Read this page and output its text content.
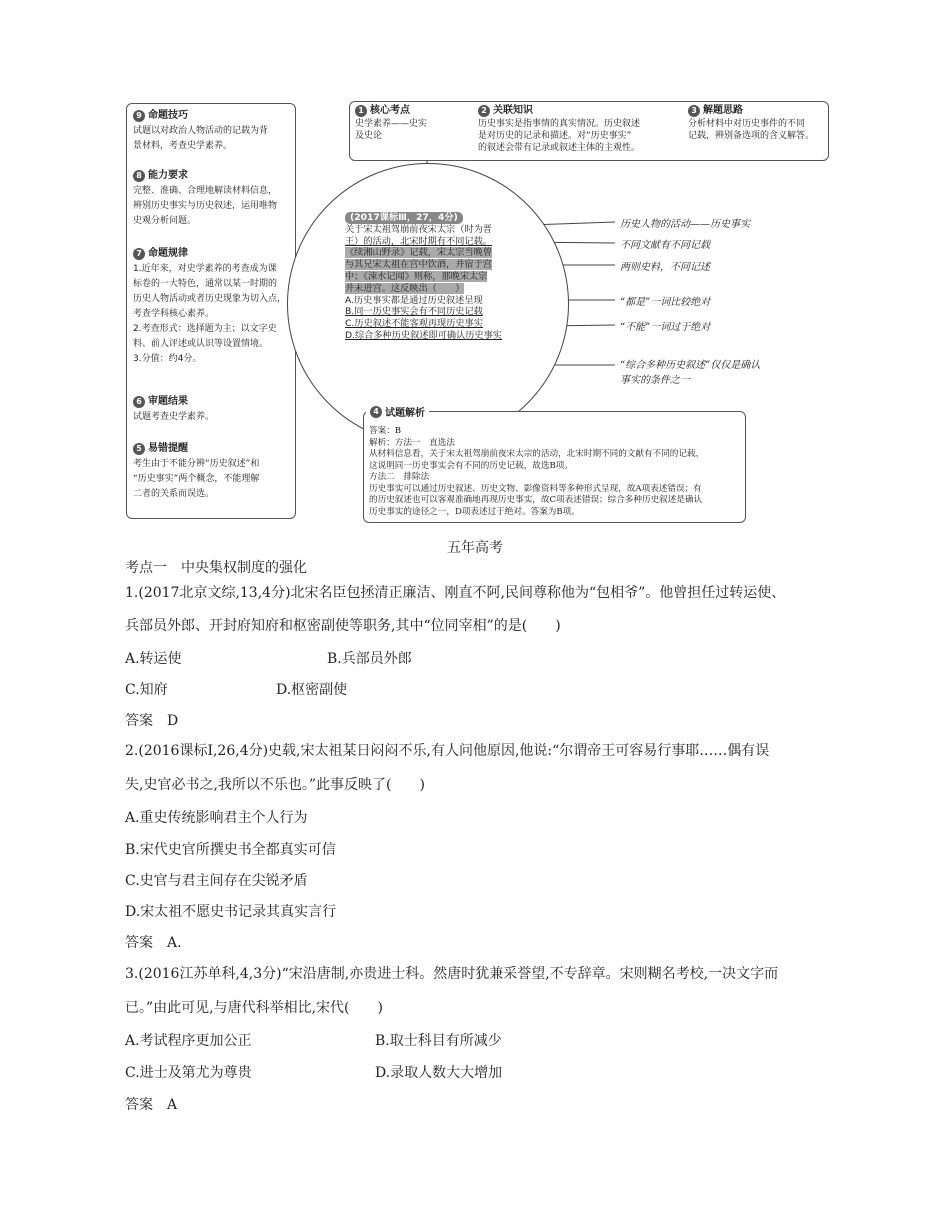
9 命题技巧
试题以对政治人物活动的记载为背
景材料，考查史学素养。
8 能力要求
完整、准确、合理地解读材料信息，
辨别历史事实与历史叙述，运用唯物
史观分析问题。
7 命题规律
1.近年来，对史学素养的考查成为课
标卷的一大特色，通常以某一时期的
历史人物活动或者历史现象为切入点，
考查学科核心素养。
2.考查形式：选择题为主；以文字史
料、前人评述或认识等设置情境。
3.分值：约4分。
6 审题结果
试题考查史学素养。
5 易错提醒
考生由于不能分辨“历史叙述”和
“历史事实”两个概念，不能理解
二者的关系而误选。
1 核心考点
史学素养——史实
及史论
2 关联知识
历史事实是指事情的真实情况。历史叙述
是对历史的记录和描述。对“历史事实”
的叙述会带有记录或叙述主体的主观性。
3 解题思路
分析材料中对历史事件的不同
记载，辨别备选项的含义解答。
(2017课标Ⅲ，27，4分)
关于宋太祖驾崩前夜宋太宗（时为晋
王）的活动，北宋时期有不同记载。
《续湘山野录》记载，宋太宗当晚曾
与其兄宋太祖在宫中饮酒，并宿于宫
中；《涑水记闻》则称，那晚宋太宗
并未进宫。这反映出（　　）
A.历史事实都是通过历史叙述呈现
B.同一历史事实会有不同历史记载
C.历史叙述不能客观再现历史事实
D.综合多种历史叙述即可确认历史事实
历史人物的活动——历史事实
不同文献有不同记载
两则史料，不同记述
“都是”一词比较绝对
“不能”一词过于绝对
“综合多种历史叙述”仅仅是确认
事实的条件之一
4 试题解析
答案：B
解析：方法一　直选法
从材料信息看，关于宋太祖驾崩前夜宋太宗的活动，北宋时期不同的文献有不同的记载，
这说明同一历史事实会有不同的历史记载，故选B项。
方法二　排除法
历史事实可以通过历史叙述、历史文物、影像资料等多种形式呈现，故A项表述错误；有
的历史叙述也可以客观准确地再现历史事实，故C项表述错误；综合多种历史叙述是确认
历史事实的途径之一，D项表述过于绝对。答案为B项。
五年高考
考点一　中央集权制度的强化
1.(2017北京文综,13,4分)北宋名臣包拯清正廉洁、刚直不阿,民间尊称他为“包相爷”。他曾担任过转运使、
兵部员外郎、开封府知府和枢密副使等职务,其中“位同宰相”的是(　　)
A.转运使	B.兵部员外郎
C.知府	D.枢密副使
答案　D
2.(2016课标Ⅰ,26,4分)史载,宋太祖某日闷闷不乐,有人问他原因,他说:“尔谓帝王可容易行事耶……偶有误
失,史官必书之,我所以不乐也。”此事反映了(　　)
A.重史传统影响君主个人行为
B.宋代史官所撰史书全都真实可信
C.史官与君主间存在尖锐矛盾
D.宋太祖不愿史书记录其真实言行
答案　A.
3.(2016江苏单科,4,3分)“宋沿唐制,亦贵进士科。然唐时犹兼采誉望,不专辞章。宋则糊名考校,一决文字而
已。”由此可见,与唐代科举相比,宋代(　　)
A.考试程序更加公正	B.取士科目有所减少
C.进士及第尤为尊贵	D.录取人数大大增加
答案　A
